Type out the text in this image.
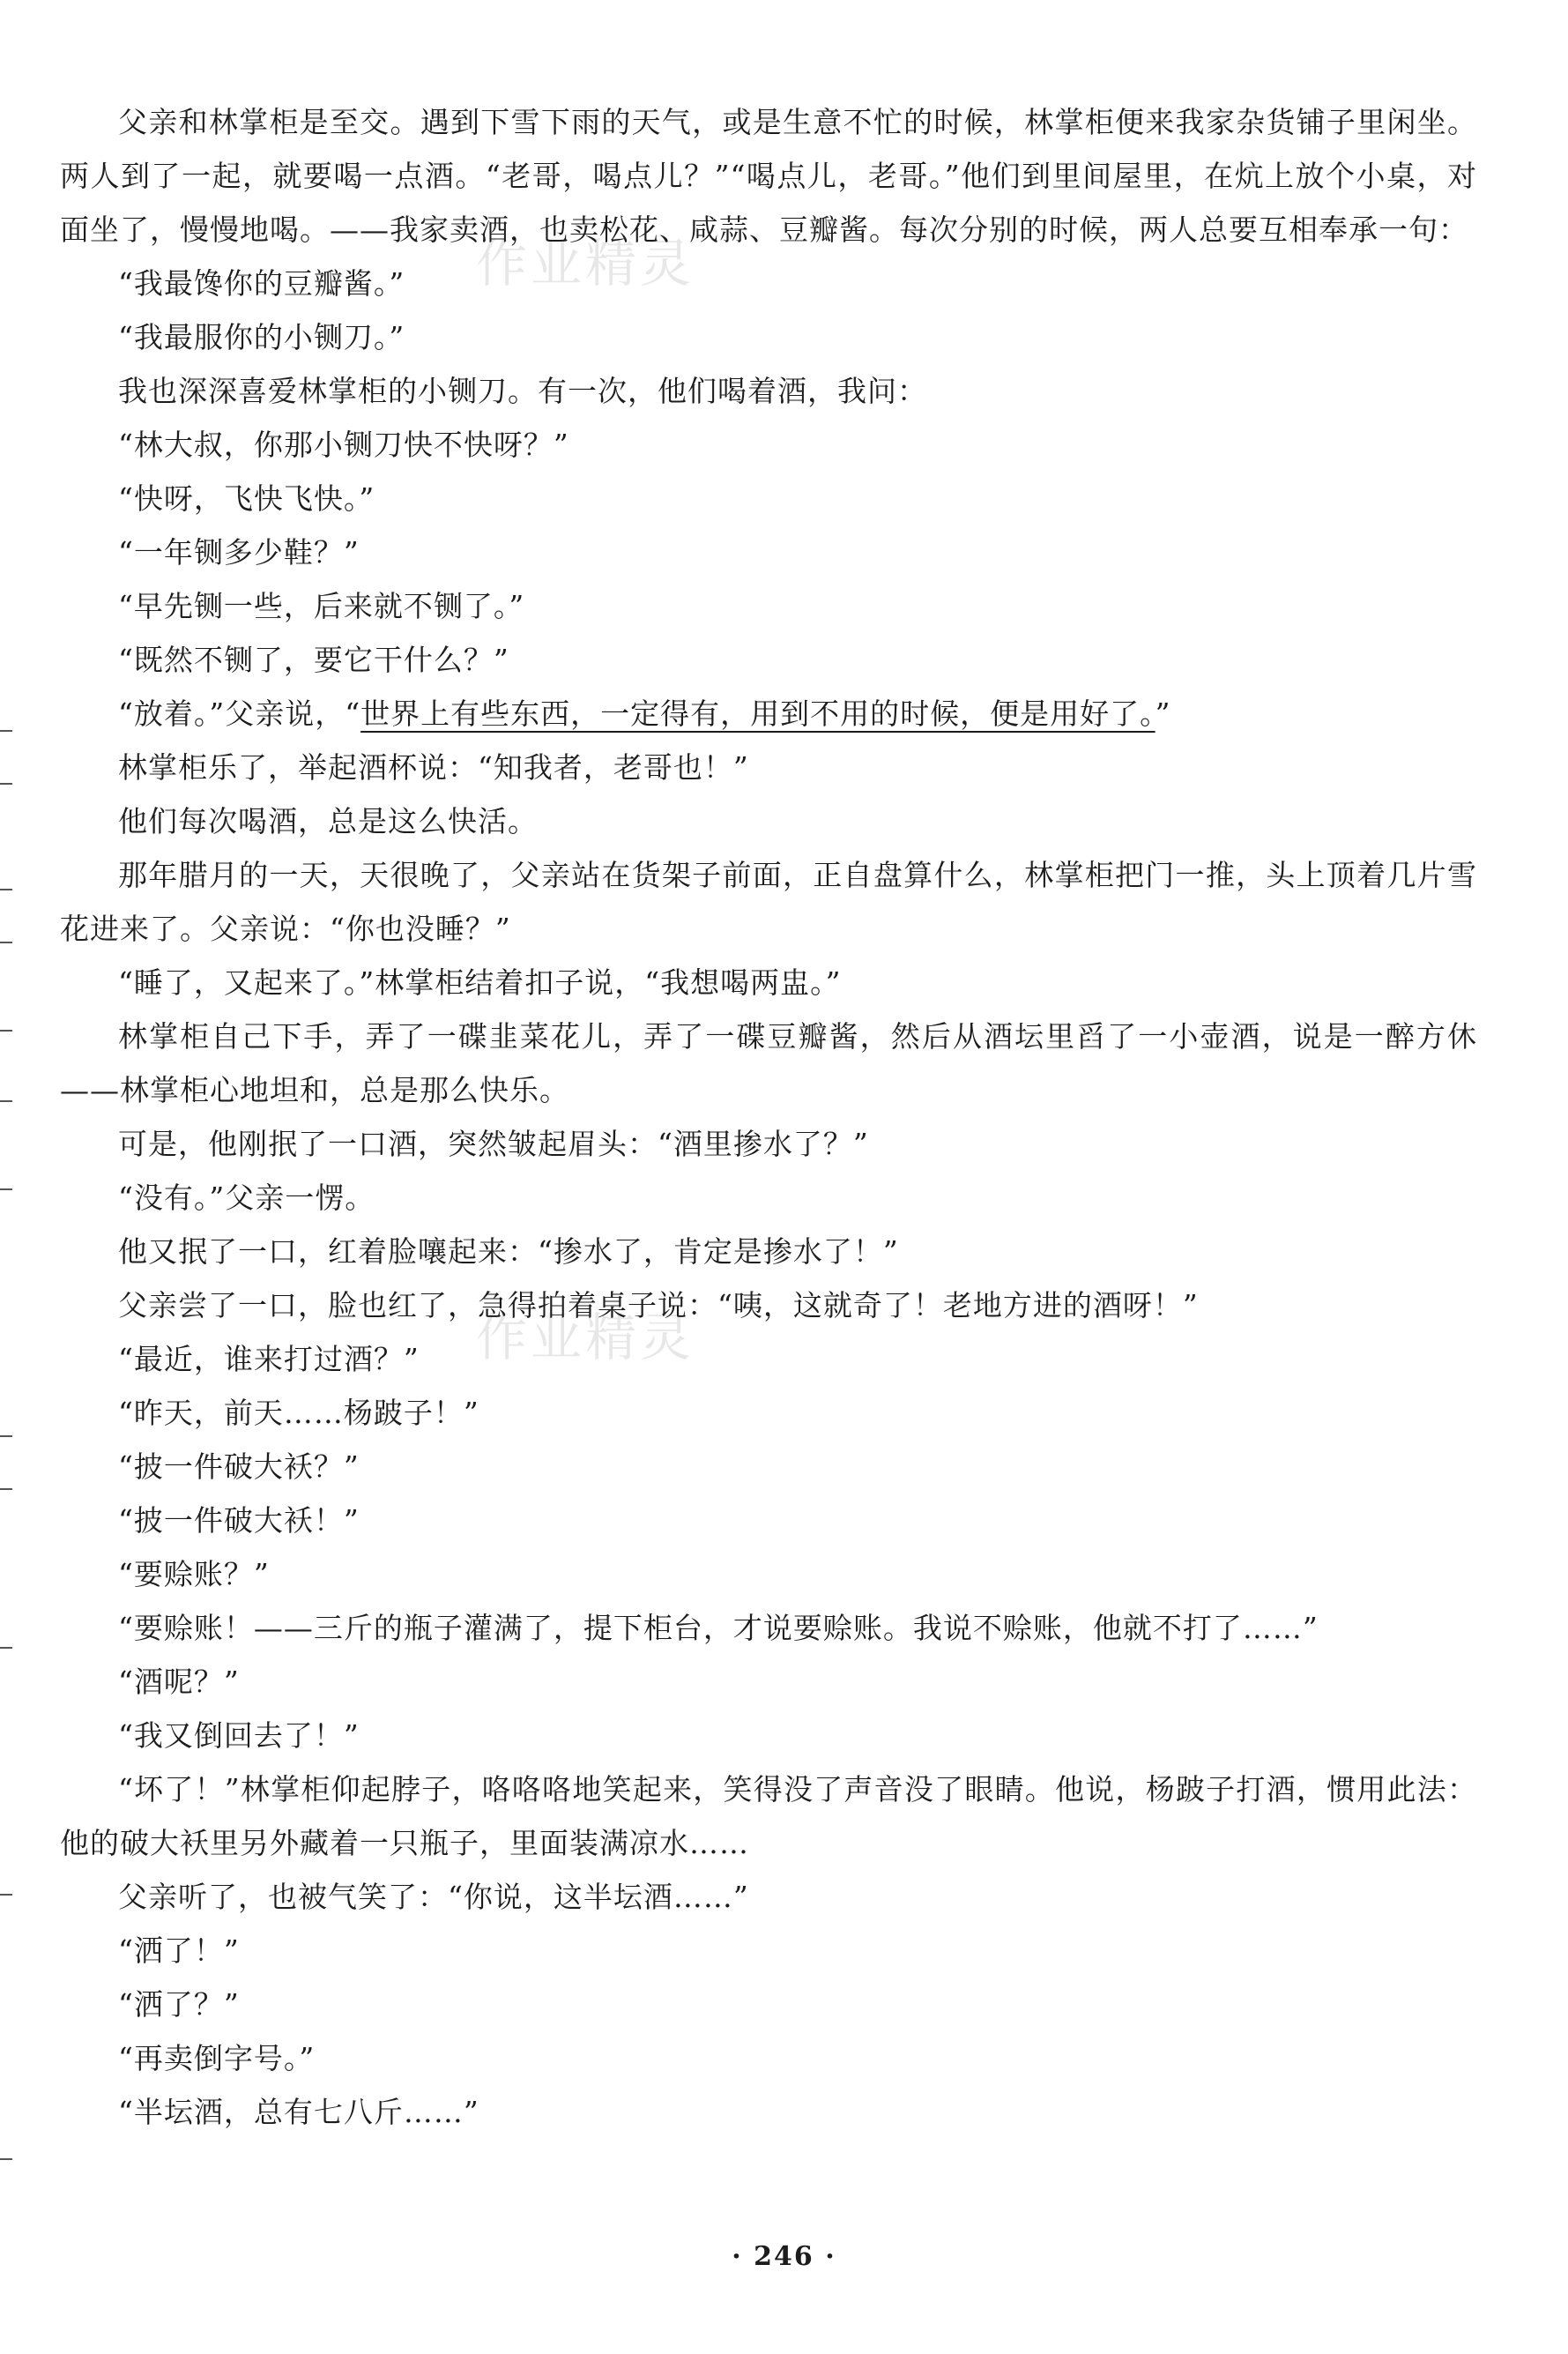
作业精灵
作业精灵

父亲和林掌柜是至交。遇到下雪下雨的天气，或是生意不忙的时候，林掌柜便来我家杂货铺子里闲坐。两人到了一起，就要喝一点酒。“老哥，喝点儿？”“喝点儿，老哥。”他们到里间屋里，在炕上放个小桌，对面坐了，慢慢地喝。——我家卖酒，也卖松花、咸蒜、豆瓣酱。每次分别的时候，两人总要互相奉承一句：

“我最馋你的豆瓣酱。”

“我最服你的小铡刀。”

我也深深喜爱林掌柜的小铡刀。有一次，他们喝着酒，我问：

“林大叔，你那小铡刀快不快呀？”

“快呀，飞快飞快。”

“一年铡多少鞋？”

“早先铡一些，后来就不铡了。”

“既然不铡了，要它干什么？”

“放着。”父亲说，“世界上有些东西，一定得有，用到不用的时候，便是用好了。”

林掌柜乐了，举起酒杯说：“知我者，老哥也！”

他们每次喝酒，总是这么快活。

那年腊月的一天，天很晚了，父亲站在货架子前面，正自盘算什么，林掌柜把门一推，头上顶着几片雪花进来了。父亲说：“你也没睡？”

“睡了，又起来了。”林掌柜结着扣子说，“我想喝两盅。”

林掌柜自己下手，弄了一碟韭菜花儿，弄了一碟豆瓣酱，然后从酒坛里舀了一小壶酒，说是一醉方休——林掌柜心地坦和，总是那么快乐。

可是，他刚抿了一口酒，突然皱起眉头：“酒里掺水了？”

“没有。”父亲一愣。

他又抿了一口，红着脸嚷起来：“掺水了，肯定是掺水了！”

父亲尝了一口，脸也红了，急得拍着桌子说：“咦，这就奇了！老地方进的酒呀！”

“最近，谁来打过酒？”

“昨天，前天……杨跛子！”

“披一件破大袄？”

“披一件破大袄！”

“要赊账？”

“要赊账！——三斤的瓶子灌满了，提下柜台，才说要赊账。我说不赊账，他就不打了……”

“酒呢？”

“我又倒回去了！”

“坏了！”林掌柜仰起脖子，咯咯咯地笑起来，笑得没了声音没了眼睛。他说，杨跛子打酒，惯用此法：他的破大袄里另外藏着一只瓶子，里面装满凉水……

父亲听了，也被气笑了：“你说，这半坛酒……”

“洒了！”

“洒了？”

“再卖倒字号。”

“半坛酒，总有七八斤……”

· 246 ·
